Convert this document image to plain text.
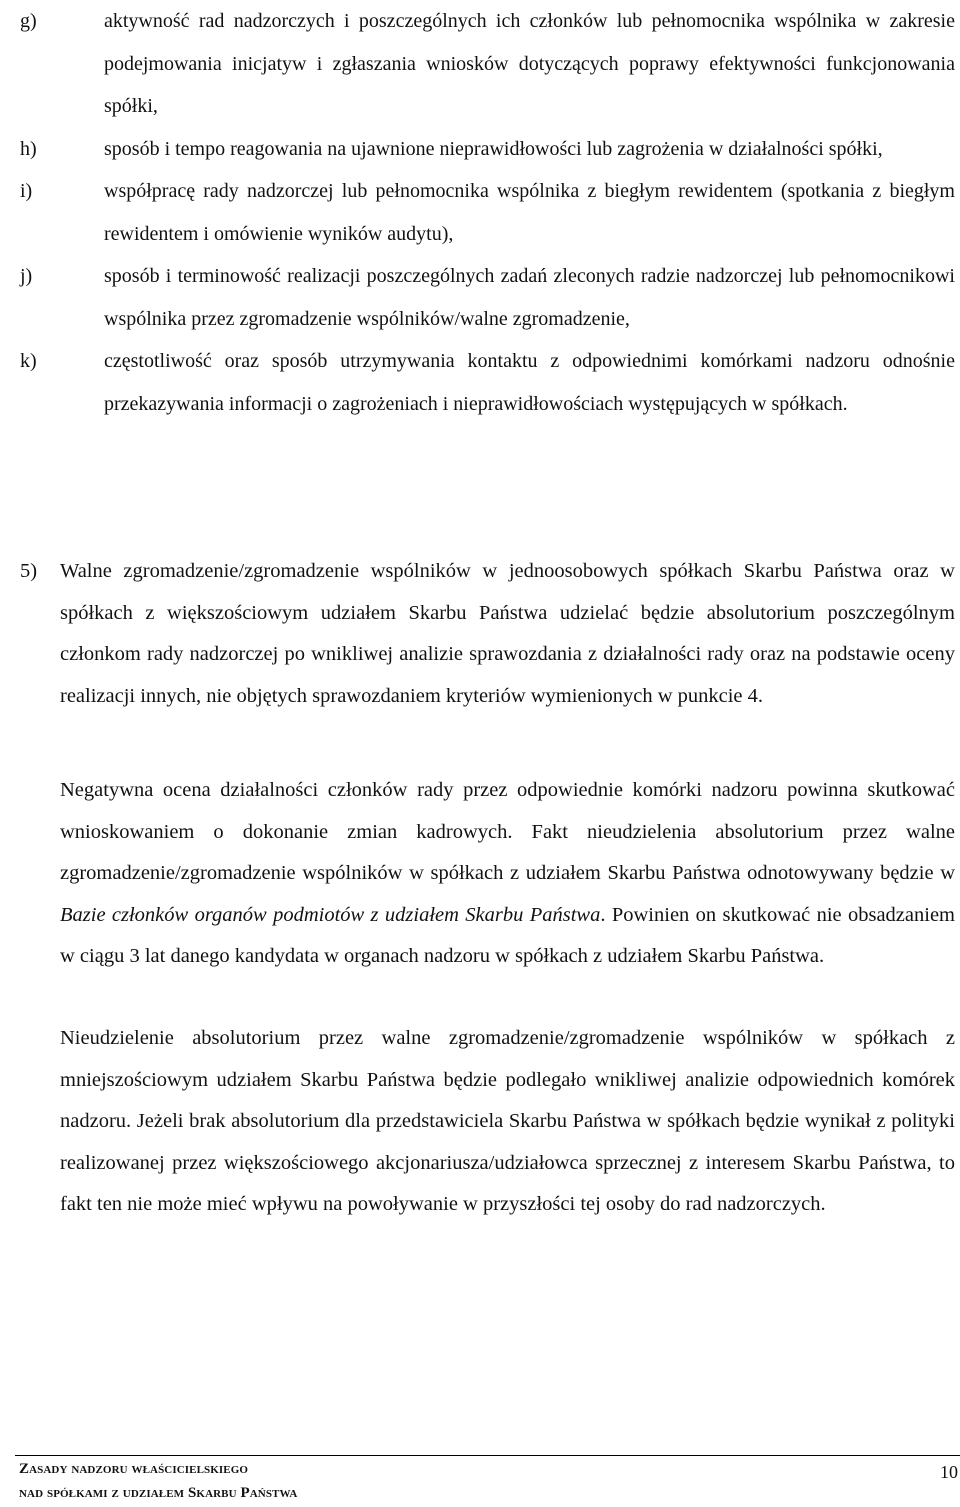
g)	aktywność rad nadzorczych i poszczególnych ich członków lub pełnomocnika wspólnika w zakresie podejmowania inicjatyw i zgłaszania wniosków dotyczących poprawy efektywności funkcjonowania spółki,

h)	sposób i tempo reagowania na ujawnione nieprawidłowości lub zagrożenia w działalności spółki,

i)	współpracę rady nadzorczej lub pełnomocnika wspólnika z biegłym rewidentem (spotkania z biegłym rewidentem i omówienie wyników audytu),

j)	sposób i terminowość realizacji poszczególnych zadań zleconych radzie nadzorczej lub pełnomocnikowi wspólnika przez zgromadzenie wspólników/walne zgromadzenie,

k)	częstotliwość oraz sposób utrzymywania kontaktu z odpowiednimi komórkami nadzoru odnośnie przekazywania informacji o zagrożeniach i nieprawidłowościach występujących w spółkach.

5)	Walne zgromadzenie/zgromadzenie wspólników w jednoosobowych spółkach Skarbu Państwa oraz w spółkach z większościowym udziałem Skarbu Państwa udzielać będzie absolutorium poszczególnym członkom rady nadzorczej po wnikliwej analizie sprawozdania z działalności rady oraz na podstawie oceny realizacji innych, nie objętych sprawozdaniem kryteriów wymienionych w punkcie 4.

Negatywna ocena działalności członków rady przez odpowiednie komórki nadzoru powinna skutkować wnioskowaniem o dokonanie zmian kadrowych. Fakt nieudzielenia absolutorium przez walne zgromadzenie/zgromadzenie wspólników w spółkach z udziałem Skarbu Państwa odnotowywany będzie w Bazie członków organów podmiotów z udziałem Skarbu Państwa. Powinien on skutkować nie obsadzaniem w ciągu 3 lat danego kandydata w organach nadzoru w spółkach z udziałem Skarbu Państwa.

Nieudzielenie absolutorium przez walne zgromadzenie/zgromadzenie wspólników w spółkach z mniejszościowym udziałem Skarbu Państwa będzie podlegało wnikliwej analizie odpowiednich komórek nadzoru. Jeżeli brak absolutorium dla przedstawiciela Skarbu Państwa w spółkach będzie wynikał z polityki realizowanej przez większościowego akcjonariusza/udziałowca sprzecznej z interesem Skarbu Państwa, to fakt ten nie może mieć wpływu na powoływanie w przyszłości tej osoby do rad nadzorczych.

Zasady nadzoru właścicielskiego
nad spółkami z udziałem Skarbu Państwa
10
